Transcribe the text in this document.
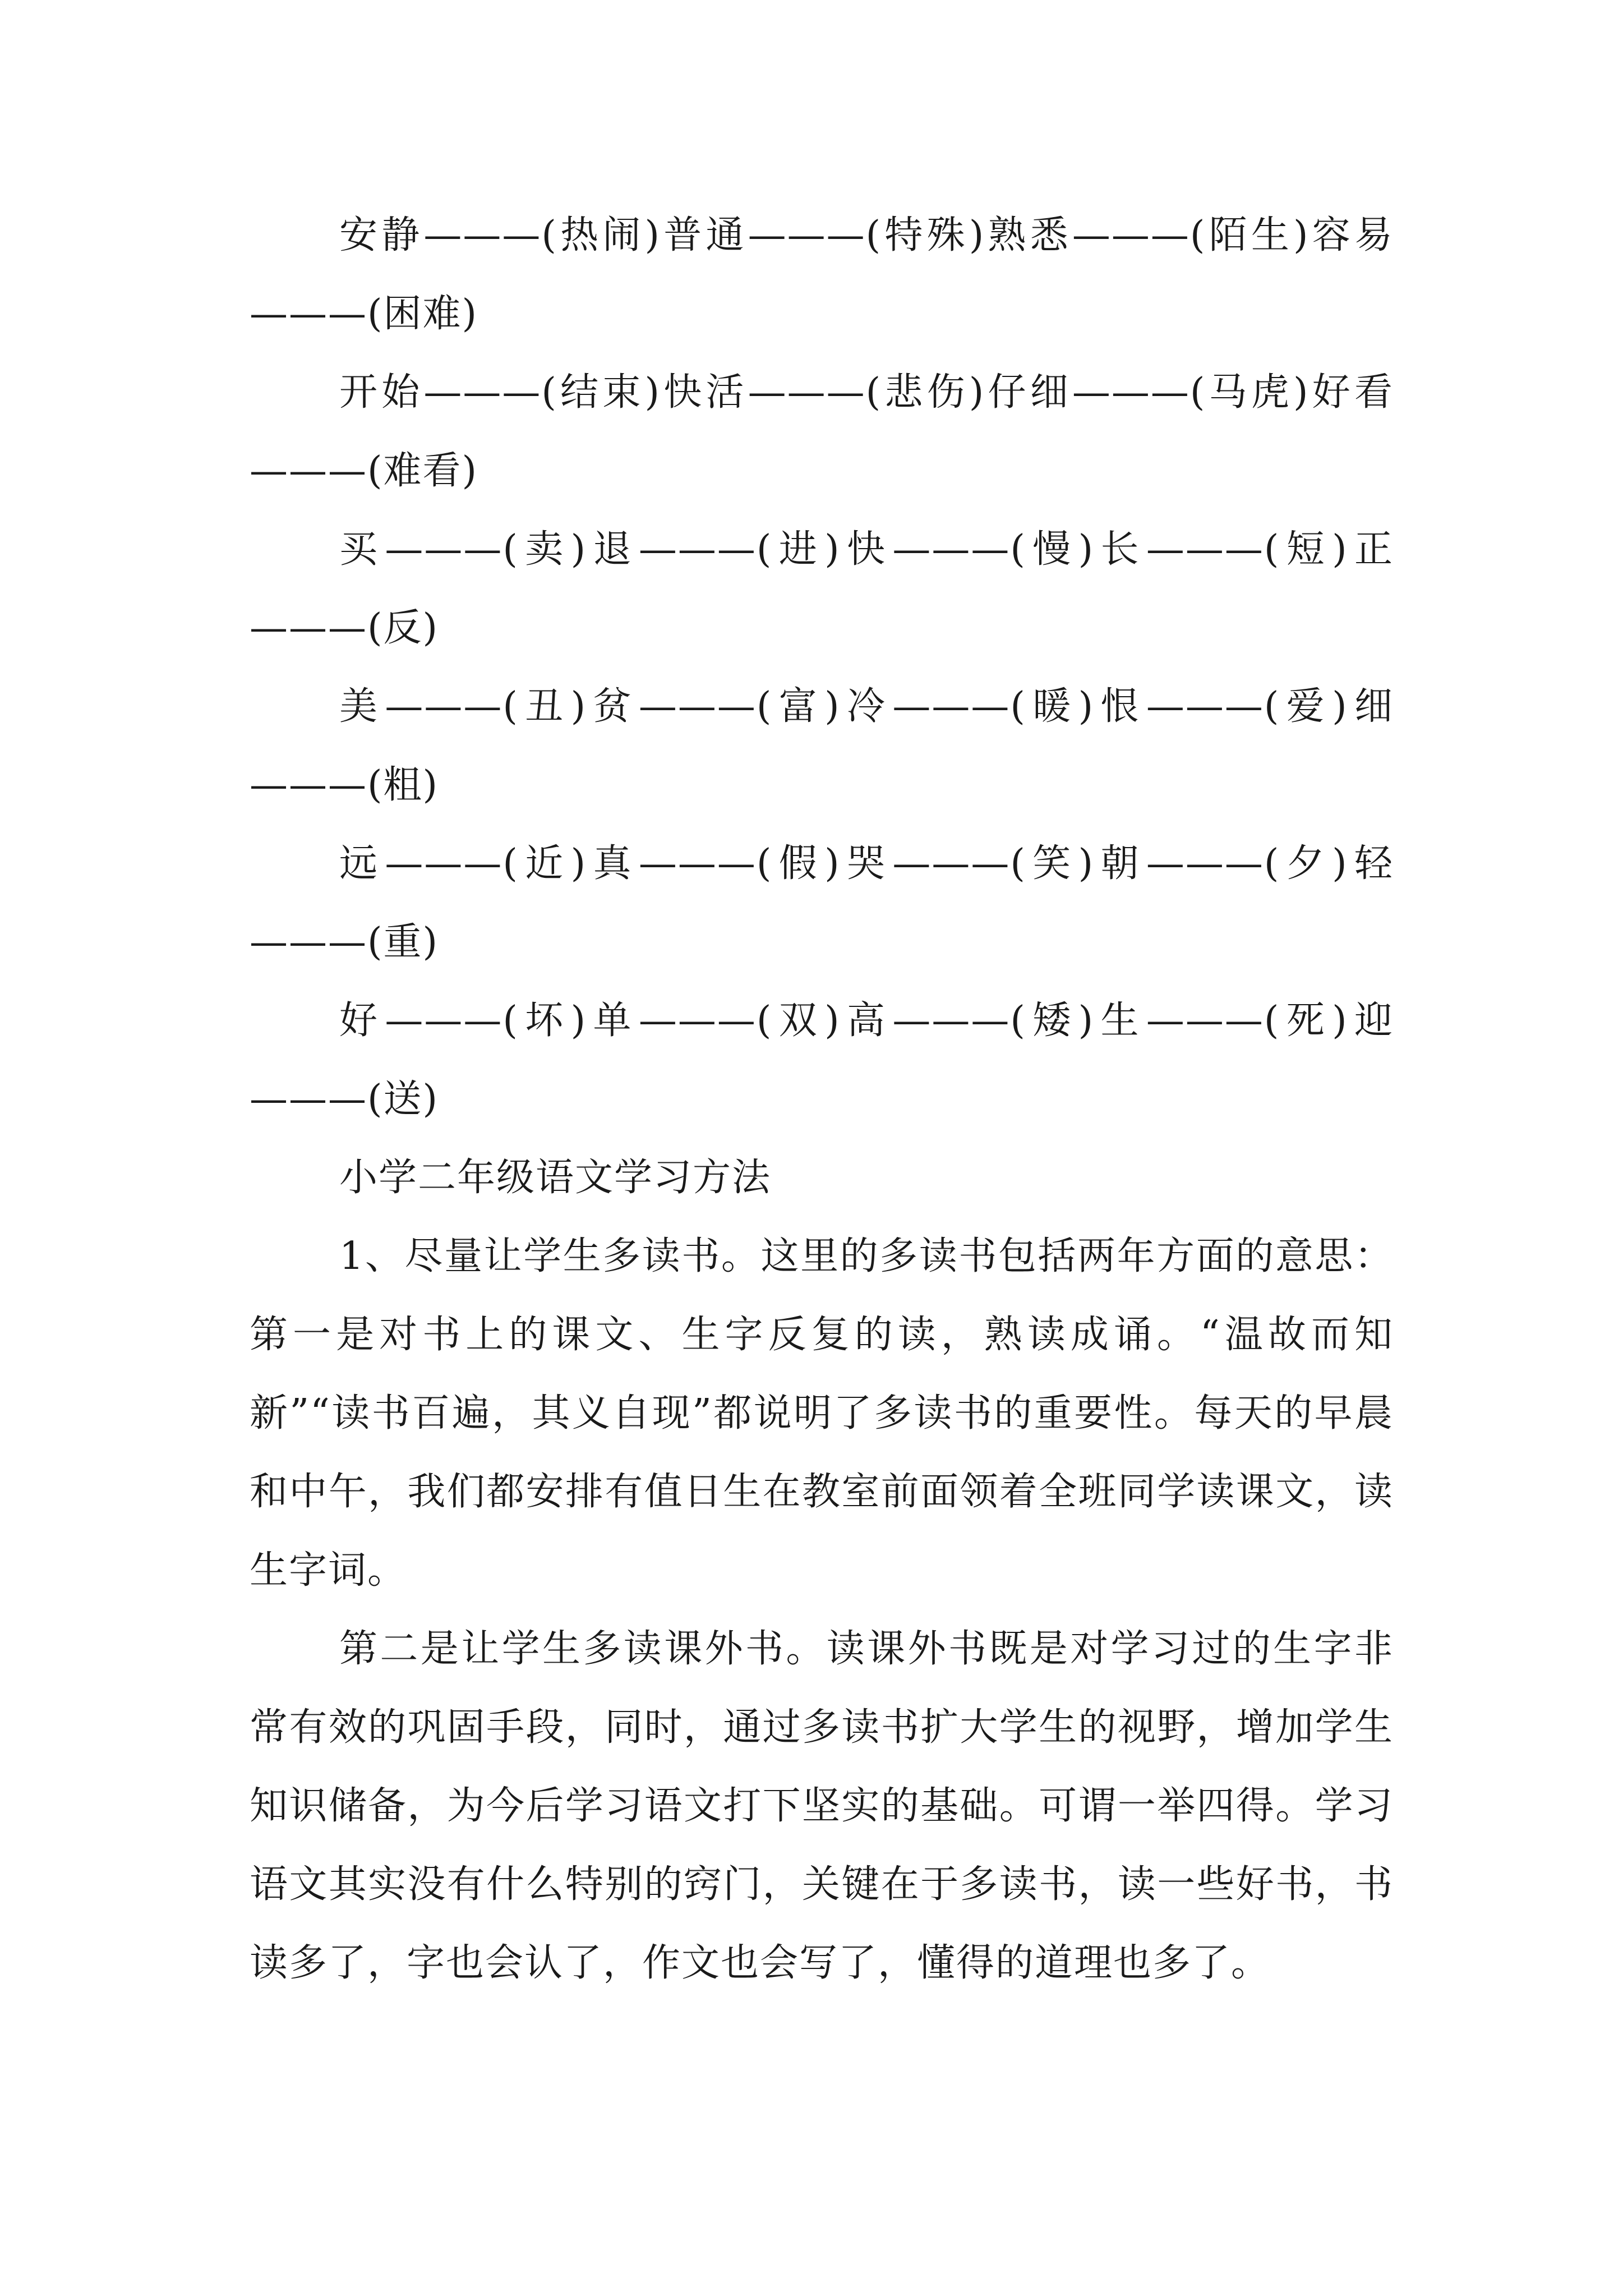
安静———(热闹)普通———(特殊)熟悉———(陌生)容易———(困难)

开始———(结束)快活———(悲伤)仔细———(马虎)好看———(难看)

买———(卖)退———(进)快———(慢)长———(短)正———(反)

美———(丑)贫———(富)冷———(暖)恨———(爱)细———(粗)

远———(近)真———(假)哭———(笑)朝———(夕)轻———(重)

好———(坏)单———(双)高———(矮)生———(死)迎———(送)

小学二年级语文学习方法

1、尽量让学生多读书。这里的多读书包括两年方面的意思：第一是对书上的课文、生字反复的读，熟读成诵。“温故而知新”“读书百遍，其义自现”都说明了多读书的重要性。每天的早晨和中午，我们都安排有值日生在教室前面领着全班同学读课文，读生字词。

第二是让学生多读课外书。读课外书既是对学习过的生字非常有效的巩固手段，同时，通过多读书扩大学生的视野，增加学生知识储备，为今后学习语文打下坚实的基础。可谓一举四得。学习语文其实没有什么特别的窍门，关键在于多读书，读一些好书，书读多了，字也会认了，作文也会写了，懂得的道理也多了。
